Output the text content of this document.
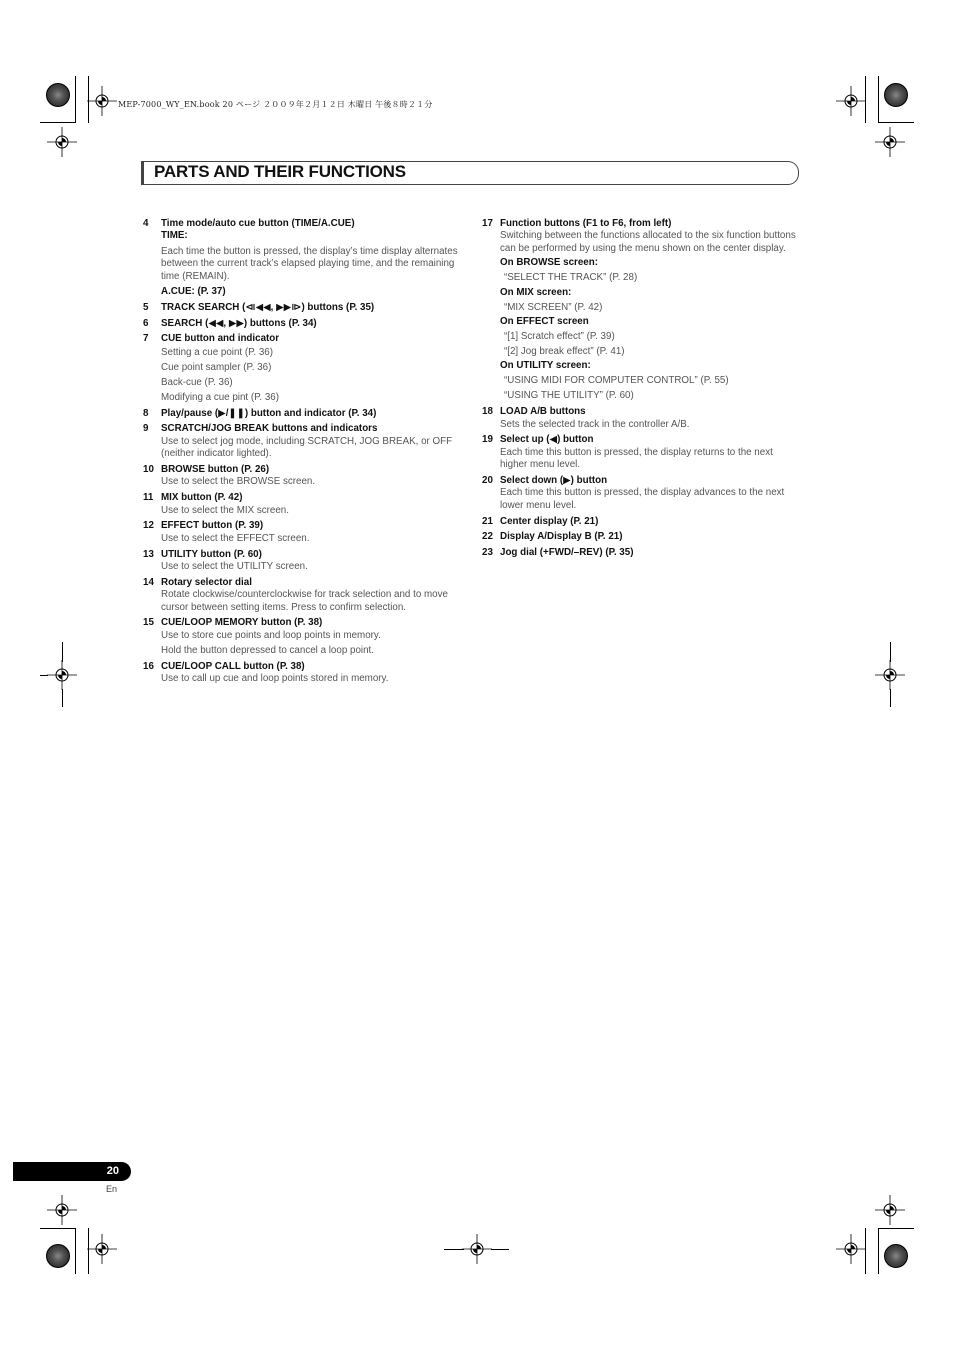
MEP-7000_WY_EN.book 20 ページ ２００９年２月１２日 木曜日 午後８時２１分
PARTS AND THEIR FUNCTIONS
4	Time mode/auto cue button (TIME/A.CUE)
TIME:
Each time the button is pressed, the display’s time display alternates between the current track’s elapsed playing time, and the remaining time (REMAIN).
A.CUE: (P. 37)
5	TRACK SEARCH (⧏◀◀, ▶▶⧐) buttons (P. 35)
6	SEARCH (◀◀, ▶▶) buttons (P. 34)
7	CUE button and indicator
Setting a cue point (P. 36)
Cue point sampler (P. 36)
Back-cue (P. 36)
Modifying a cue pint (P. 36)
8	Play/pause (▶/❚❚) button and indicator (P. 34)
9	SCRATCH/JOG BREAK buttons and indicators
Use to select jog mode, including SCRATCH, JOG BREAK, or OFF (neither indicator lighted).
10 BROWSE button (P. 26)
Use to select the BROWSE screen.
11 MIX button (P. 42)
Use to select the MIX screen.
12 EFFECT button (P. 39)
Use to select the EFFECT screen.
13 UTILITY button (P. 60)
Use to select the UTILITY screen.
14 Rotary selector dial
Rotate clockwise/counterclockwise for track selection and to move cursor between setting items. Press to confirm selection.
15 CUE/LOOP MEMORY button (P. 38)
Use to store cue points and loop points in memory.
Hold the button depressed to cancel a loop point.
16 CUE/LOOP CALL button (P. 38)
Use to call up cue and loop points stored in memory.
17 Function buttons (F1 to F6, from left)
Switching between the functions allocated to the six function buttons can be performed by using the menu shown on the center display.
On BROWSE screen:
“SELECT THE TRACK” (P. 28)
On MIX screen:
“MIX SCREEN” (P. 42)
On EFFECT screen
“[1] Scratch effect” (P. 39)
“[2] Jog break effect” (P. 41)
On UTILITY screen:
“USING MIDI FOR COMPUTER CONTROL” (P. 55)
“USING THE UTILITY” (P. 60)
18 LOAD A/B buttons
Sets the selected track in the controller A/B.
19 Select up (◀) button
Each time this button is pressed, the display returns to the next higher menu level.
20 Select down (▶) button
Each time this button is pressed, the display advances to the next lower menu level.
21 Center display (P. 21)
22 Display A/Display B (P. 21)
23 Jog dial (+FWD/–REV) (P. 35)
20
En
